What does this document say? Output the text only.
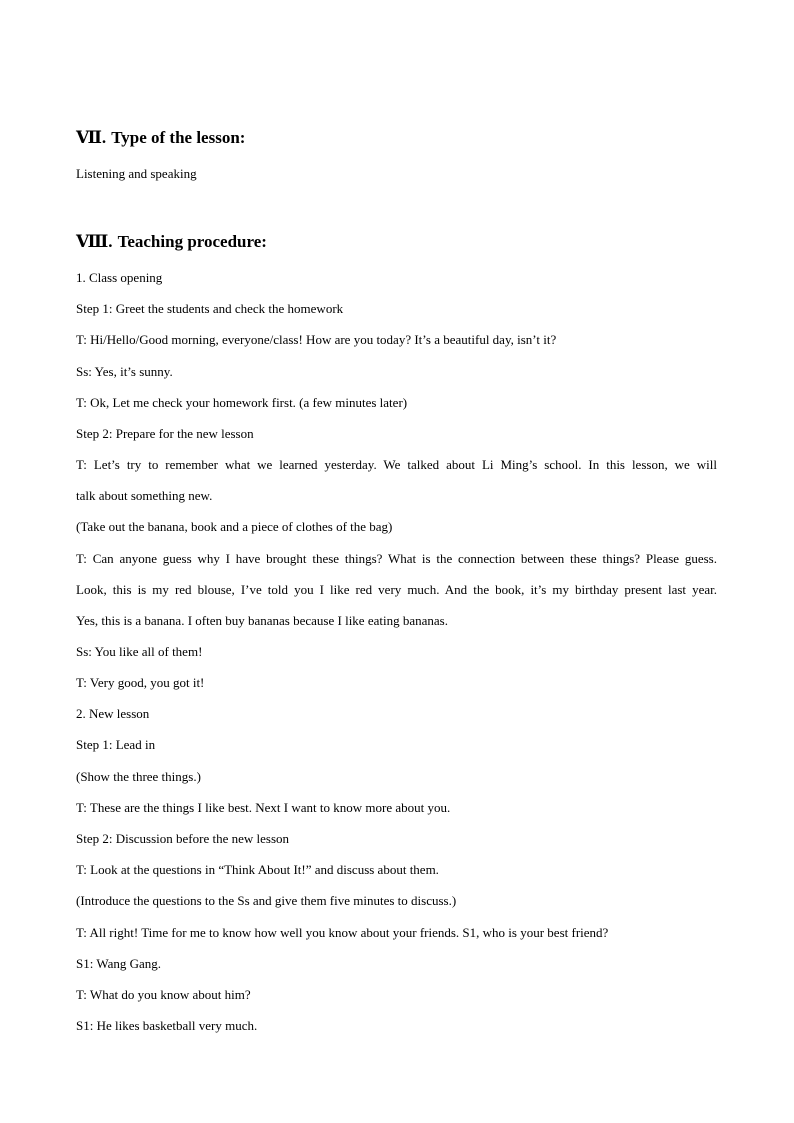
Ⅶ. Type of the lesson:
Listening and speaking
Ⅷ. Teaching procedure:
1. Class opening
Step 1: Greet the students and check the homework
T: Hi/Hello/Good morning, everyone/class! How are you today? It’s a beautiful day, isn’t it?
Ss: Yes, it’s sunny.
T: Ok, Let me check your homework first. (a few minutes later)
Step 2: Prepare for the new lesson
T: Let’s try to remember what we learned yesterday. We talked about Li Ming’s school. In this lesson, we will
talk about something new.
(Take out the banana, book and a piece of clothes of the bag)
T: Can anyone guess why I have brought these things? What is the connection between these things? Please guess.
Look, this is my red blouse, I’ve told you I like red very much. And the book, it’s my birthday present last year.
Yes, this is a banana. I often buy bananas because I like eating bananas.
Ss: You like all of them!
T: Very good, you got it!
2. New lesson
Step 1: Lead in
(Show the three things.)
T: These are the things I like best. Next I want to know more about you.
Step 2: Discussion before the new lesson
T: Look at the questions in “Think About It!” and discuss about them.
(Introduce the questions to the Ss and give them five minutes to discuss.)
T: All right! Time for me to know how well you know about your friends. S1, who is your best friend?
S1: Wang Gang.
T: What do you know about him?
S1: He likes basketball very much.
